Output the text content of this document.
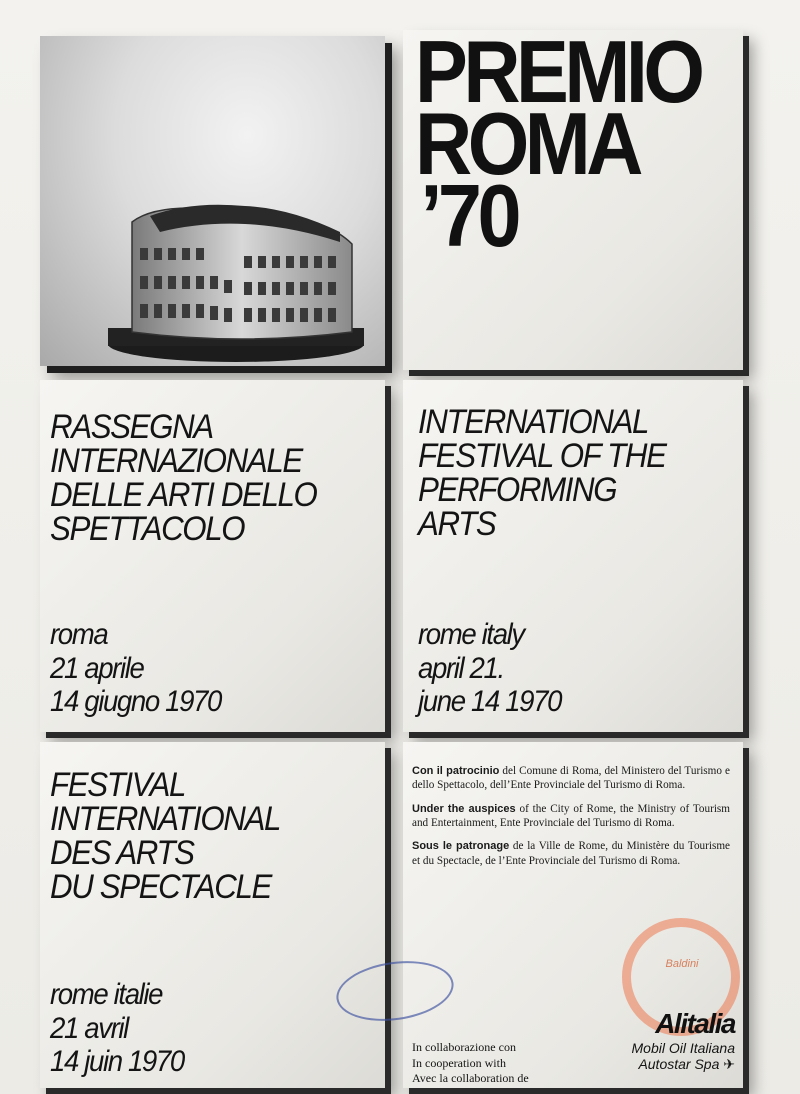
PREMIO
ROMA
’70
RASSEGNA
INTERNAZIONALE
DELLE ARTI DELLO
SPETTACOLO
roma
21 aprile
14 giugno 1970
INTERNATIONAL
FESTIVAL OF THE
PERFORMING
ARTS
rome italy
april 21.
june 14 1970
FESTIVAL
INTERNATIONAL
DES ARTS
DU SPECTACLE
rome italie
21 avril
14 juin 1970

Con il patrocinio del Comune di Roma, del Ministero del Turismo e dello Spettacolo, dell’Ente Provinciale del Turismo di Roma.

Under the auspices of the City of Rome, the Ministry of Tourism and Entertainment, Ente Provinciale del Turismo di Roma.

Sous le patronage de la Ville de Rome, du Ministère du Tourisme et du Spectacle, de l’Ente Provinciale del Turismo di Roma.

Baldini
Alitalia
In collaborazione con
In cooperation with
Avec la collaboration de
Mobil Oil Italiana
Autostar Spa ✈
